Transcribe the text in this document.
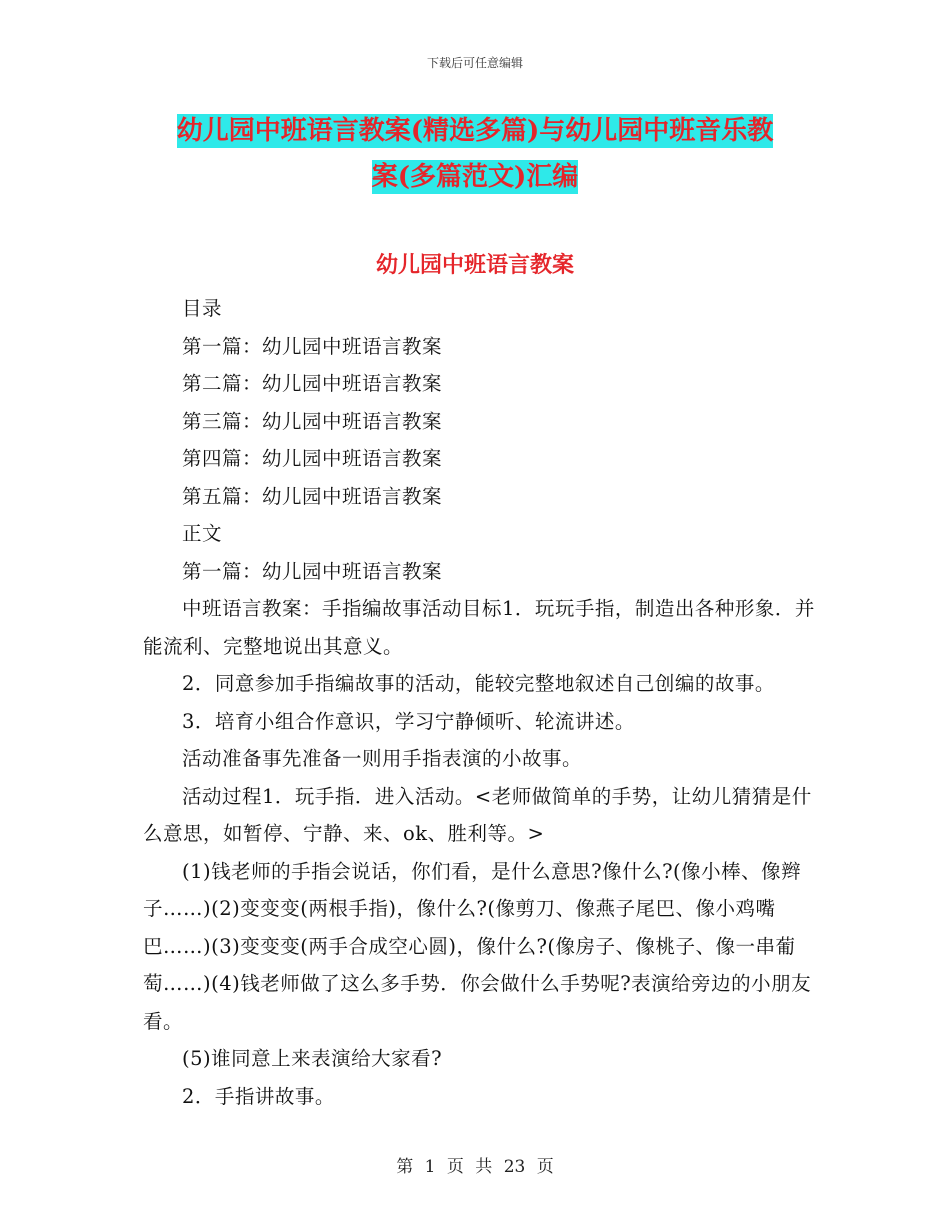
下载后可任意编辑
幼儿园中班语言教案(精选多篇)与幼儿园中班音乐教
案(多篇范文)汇编
幼儿园中班语言教案

目录

第一篇：幼儿园中班语言教案

第二篇：幼儿园中班语言教案

第三篇：幼儿园中班语言教案

第四篇：幼儿园中班语言教案

第五篇：幼儿园中班语言教案

正文

第一篇：幼儿园中班语言教案

中班语言教案：手指编故事活动目标1．玩玩手指，制造出各种形象．并能流利、完整地说出其意义。

2．同意参加手指编故事的活动，能较完整地叙述自己创编的故事。

3．培育小组合作意识，学习宁静倾听、轮流讲述。

活动准备事先准备一则用手指表演的小故事。

活动过程1．玩手指．进入活动。<老师做简单的手势，让幼儿猜猜是什么意思，如暂停、宁静、来、ok、胜利等。>

(1)钱老师的手指会说话，你们看，是什么意思?像什么?(像小棒、像辫子……)(2)变变变(两根手指)，像什么?(像剪刀、像燕子尾巴、像小鸡嘴巴……)(3)变变变(两手合成空心圆)，像什么?(像房子、像桃子、像一串葡萄……)(4)钱老师做了这么多手势．你会做什么手势呢?表演给旁边的小朋友看。

(5)谁同意上来表演给大家看?

2．手指讲故事。

第 1 页 共 23 页
